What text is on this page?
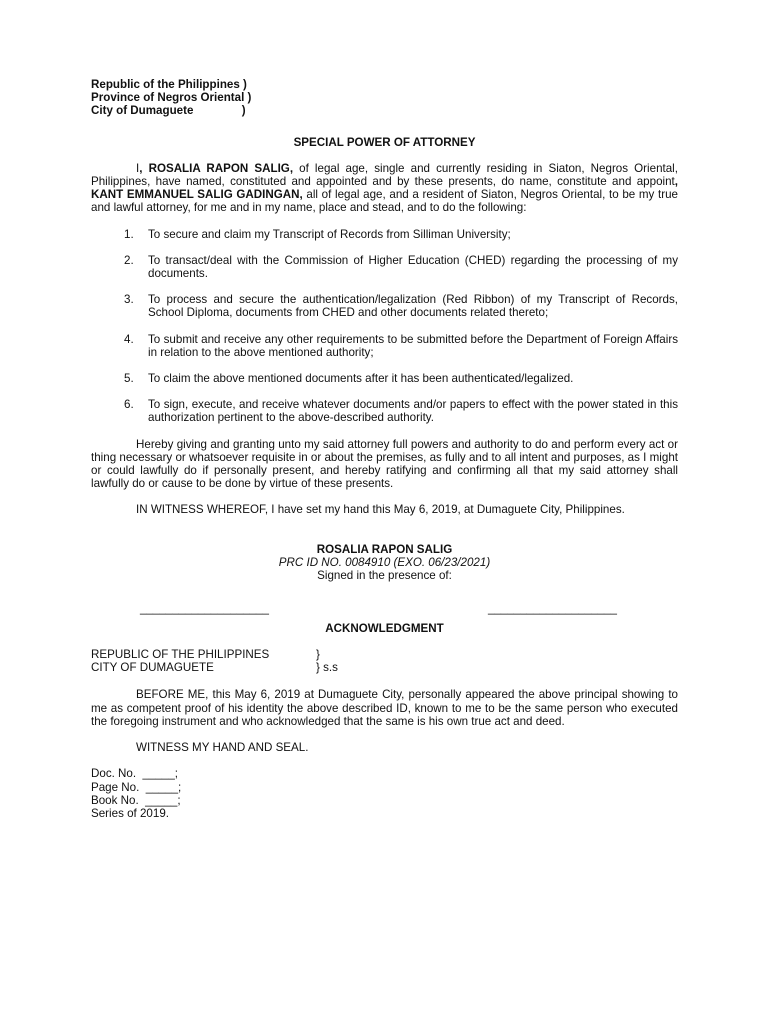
Republic of the Philippines )
Province of Negros Oriental )
City of Dumaguete               )
SPECIAL POWER OF ATTORNEY

I, ROSALIA RAPON SALIG, of legal age, single and currently residing in Siaton, Negros Oriental, Philippines, have named, constituted and appointed and by these presents, do name, constitute and appoint, KANT EMMANUEL SALIG GADINGAN, all of legal age, and a resident of Siaton, Negros Oriental, to be my true and lawful attorney, for me and in my name, place and stead, and to do the following:

1. To secure and claim my Transcript of Records from Silliman University;
2. To transact/deal with the Commission of Higher Education (CHED) regarding the processing of my documents.
3. To process and secure the authentication/legalization (Red Ribbon) of my Transcript of Records, School Diploma, documents from CHED and other documents related thereto;
4. To submit and receive any other requirements to be submitted before the Department of Foreign Affairs in relation to the above mentioned authority;
5. To claim the above mentioned documents after it has been authenticated/legalized.
6. To sign, execute, and receive whatever documents and/or papers to effect with the power stated in this authorization pertinent to the above-described authority.

Hereby giving and granting unto my said attorney full powers and authority to do and perform every act or thing necessary or whatsoever requisite in or about the premises, as fully and to all intent and purposes, as I might or could lawfully do if personally present, and hereby ratifying and confirming all that my said attorney shall lawfully do or cause to be done by virtue of these presents.

IN WITNESS WHEREOF, I have set my hand this May 6, 2019, at Dumaguete City, Philippines.

ROSALIA RAPON SALIG
PRC ID NO. 0084910 (EXO. 06/23/2021)
Signed in the presence of:
____________________	____________________
ACKNOWLEDGMENT
REPUBLIC OF THE PHILIPPINES	}
CITY OF DUMAGUETE	} s.s

BEFORE ME, this May 6, 2019 at Dumaguete City, personally appeared the above principal showing to me as competent proof of his identity the above described ID, known to me to be the same person who executed the foregoing instrument and who acknowledged that the same is his own true act and deed.

WITNESS MY HAND AND SEAL.

Doc. No.  _____;
Page No.  _____;
Book No.  _____;
Series of 2019.
